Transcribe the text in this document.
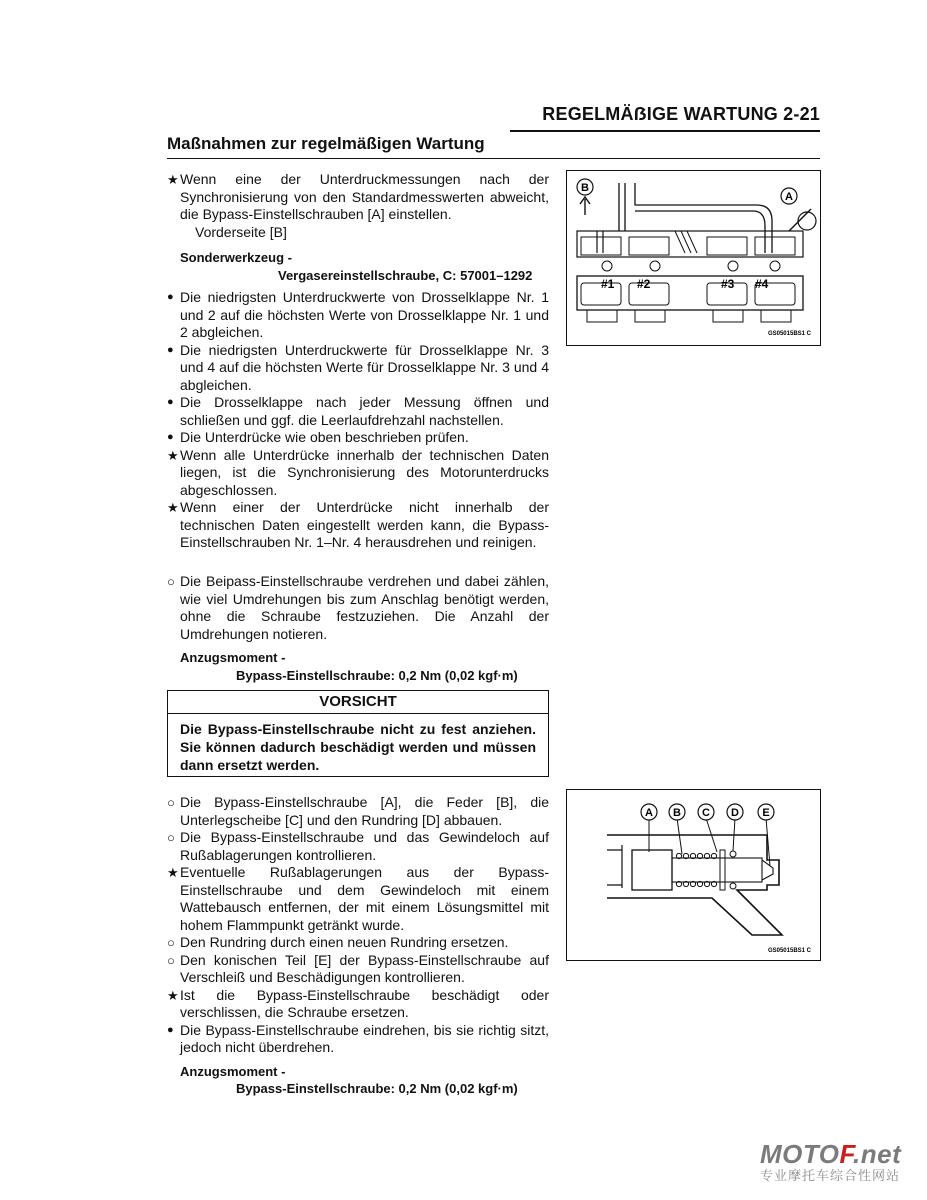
REGELMÄẞIGE WARTUNG 2-21
Maßnahmen zur regelmäßigen Wartung
★ Wenn eine der Unterdruckmessungen nach der Synchronisierung von den Standardmesswerten abweicht, die Bypass-Einstellschrauben [A] einstellen.
Vorderseite [B]
Sonderwerkzeug -
Vergasereinstellschraube, C: 57001–1292
● Die niedrigsten Unterdruckwerte von Drosselklappe Nr. 1 und 2 auf die höchsten Werte von Drosselklappe Nr. 1 und 2 abgleichen.
● Die niedrigsten Unterdruckwerte für Drosselklappe Nr. 3 und 4 auf die höchsten Werte für Drosselklappe Nr. 3 und 4 abgleichen.
● Die Drosselklappe nach jeder Messung öffnen und schließen und ggf. die Leerlaufdrehzahl nachstellen.
● Die Unterdrücke wie oben beschrieben prüfen.
★ Wenn alle Unterdrücke innerhalb der technischen Daten liegen, ist die Synchronisierung des Motorunterdrucks abgeschlossen.
★ Wenn einer der Unterdrücke nicht innerhalb der technischen Daten eingestellt werden kann, die Bypass-Einstellschrauben Nr. 1–Nr. 4 herausdrehen und reinigen.
○ Die Beipass-Einstellschraube verdrehen und dabei zählen, wie viel Umdrehungen bis zum Anschlag benötigt werden, ohne die Schraube festzuziehen. Die Anzahl der Umdrehungen notieren.
Anzugsmoment -
Bypass-Einstellschraube: 0,2 Nm (0,02 kgf·m)
VORSICHT
Die Bypass-Einstellschraube nicht zu fest anziehen. Sie können dadurch beschädigt werden und müssen dann ersetzt werden.
○ Die Bypass-Einstellschraube [A], die Feder [B], die Unterlegscheibe [C] und den Rundring [D] abbauen.
○ Die Bypass-Einstellschraube und das Gewindeloch auf Rußablagerungen kontrollieren.
★ Eventuelle Rußablagerungen aus der Bypass-Einstellschraube und dem Gewindeloch mit einem Wattebausch entfernen, der mit einem Lösungsmittel mit hohem Flammpunkt getränkt wurde.
○ Den Rundring durch einen neuen Rundring ersetzen.
○ Den konischen Teil [E] der Bypass-Einstellschraube auf Verschleiß und Beschädigungen kontrollieren.
★ Ist die Bypass-Einstellschraube beschädigt oder verschlissen, die Schraube ersetzen.
● Die Bypass-Einstellschraube eindrehen, bis sie richtig sitzt, jedoch nicht überdrehen.
Anzugsmoment -
Bypass-Einstellschraube: 0,2 Nm (0,02 kgf·m)
B
A
#1 #2	#3 #4
GS05015BS1 C
A B C D E
GS05015BS1 C
MOTOF.net
专业摩托车综合性网站
